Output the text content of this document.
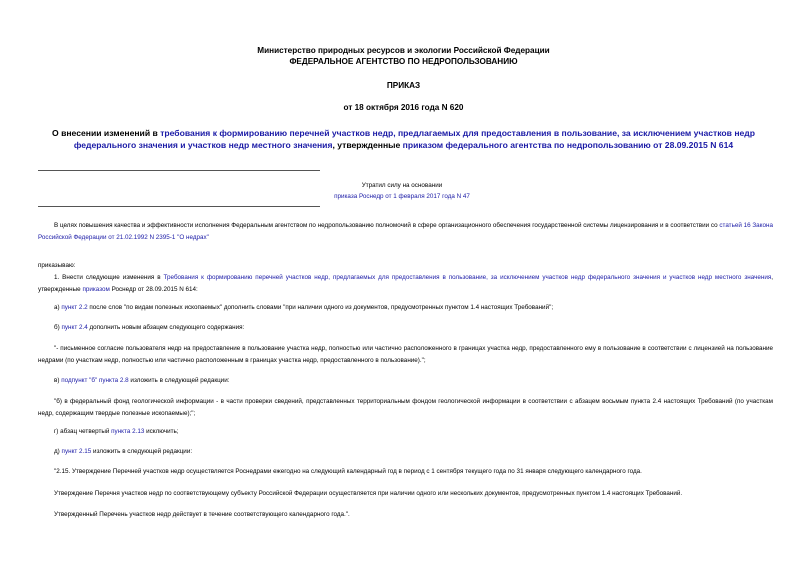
Министерство природных ресурсов и экологии Российской Федерации
ФЕДЕРАЛЬНОЕ АГЕНТСТВО ПО НЕДРОПОЛЬЗОВАНИЮ
ПРИКАЗ
от 18 октября 2016 года N 620
О внесении изменений в требования к формированию перечней участков недр, предлагаемых для предоставления в пользование, за исключением участков недр федерального значения и участков недр местного значения, утвержденные приказом федерального агентства по недропользованию от 28.09.2015 N 614
Утратил силу на основании
приказа Роснедр от 1 февраля 2017 года N 47
В целях повышения качества и эффективности исполнения Федеральным агентством по недропользованию полномочий в сфере организационного обеспечения государственной системы лицензирования и в соответствии со статьей 16 Закона Российской Федерации от 21.02.1992 N 2395-1 "О недрах"
приказываю:
1. Внести следующие изменения в Требования к формированию перечней участков недр, предлагаемых для предоставления в пользование, за исключением участков недр федерального значения и участков недр местного значения, утвержденные приказом Роснедр от 28.09.2015 N 614:
а) пункт 2.2 после слов "по видам полезных ископаемых" дополнить словами "при наличии одного из документов, предусмотренных пунктом 1.4 настоящих Требований";
б) пункт 2.4 дополнить новым абзацем следующего содержания:
"- письменное согласие пользователя недр на предоставление в пользование участка недр, полностью или частично расположенного в границах участка недр, предоставленного ему в пользование в соответствии с лицензией на пользование недрами (по участкам недр, полностью или частично расположенным в границах участка недр, предоставленного в пользование).";
в) подпункт "б" пункта 2.8 изложить в следующей редакции:
"б) в федеральный фонд геологической информации - в части проверки сведений, представленных территориальным фондом геологической информации в соответствии с абзацем восьмым пункта 2.4 настоящих Требований (по участкам недр, содержащим твердые полезные ископаемые);";
г) абзац четвертый пункта 2.13 исключить;
д) пункт 2.15 изложить в следующей редакции:
"2.15. Утверждение Перечней участков недр осуществляется Роснедрами ежегодно на следующий календарный год в период с 1 сентября текущего года по 31 января следующего календарного года.
Утверждение Перечня участков недр по соответствующему субъекту Российской Федерации осуществляется при наличии одного или нескольких документов, предусмотренных пунктом 1.4 настоящих Требований.
Утвержденный Перечень участков недр действует в течение соответствующего календарного года.".
